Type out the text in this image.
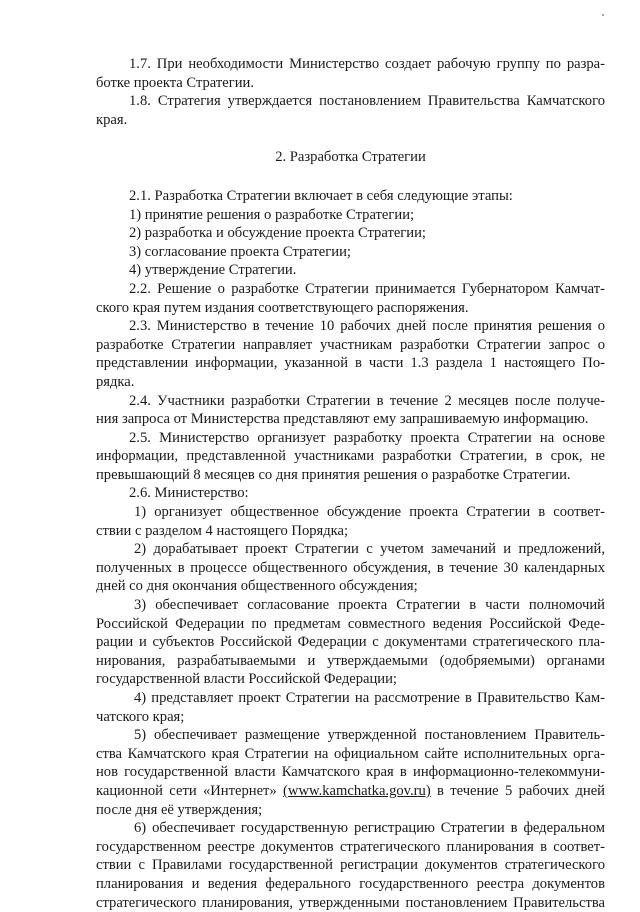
1.7. При необходимости Министерство создает рабочую группу по разра-
ботке проекта Стратегии.
1.8. Стратегия утверждается постановлением Правительства Камчатского
края.
2. Разработка Стратегии
2.1. Разработка Стратегии включает в себя следующие этапы:
1) принятие решения о разработке Стратегии;
2) разработка и обсуждение проекта Стратегии;
3) согласование проекта Стратегии;
4) утверждение Стратегии.
2.2. Решение о разработке Стратегии принимается Губернатором Камчат-
ского края путем издания соответствующего распоряжения.
2.3. Министерство в течение 10 рабочих дней после принятия решения о
разработке Стратегии направляет участникам разработки Стратегии запрос о
представлении информации, указанной в части 1.3 раздела 1 настоящего По-
рядка.
2.4. Участники разработки Стратегии в течение 2 месяцев после получе-
ния запроса от Министерства представляют ему запрашиваемую информацию.
2.5. Министерство организует разработку проекта Стратегии на основе
информации, представленной участниками разработки Стратегии, в срок, не
превышающий 8 месяцев со дня принятия решения о разработке Стратегии.
2.6. Министерство:
1) организует общественное обсуждение проекта Стратегии в соответ-
ствии с разделом 4 настоящего Порядка;
2) дорабатывает проект Стратегии с учетом замечаний и предложений,
полученных в процессе общественного обсуждения, в течение 30 календарных
дней со дня окончания общественного обсуждения;
3) обеспечивает согласование проекта Стратегии в части полномочий
Российской Федерации по предметам совместного ведения Российской Феде-
рации и субъектов Российской Федерации с документами стратегического пла-
нирования, разрабатываемыми и утверждаемыми (одобряемыми) органами
государственной власти Российской Федерации;
4) представляет проект Стратегии на рассмотрение в Правительство Кам-
чатского края;
5) обеспечивает размещение утвержденной постановлением Правитель-
ства Камчатского края Стратегии на официальном сайте исполнительных орга-
нов государственной власти Камчатского края в информационно-телекоммуни-
кационной сети «Интернет» (www.kamchatka.gov.ru) в течение 5 рабочих дней
после дня её утверждения;
6) обеспечивает государственную регистрацию Стратегии в федеральном
государственном реестре документов стратегического планирования в соответ-
ствии с Правилами государственной регистрации документов стратегического
планирования и ведения федерального государственного реестра документов
стратегического планирования, утвержденными постановлением Правительства
